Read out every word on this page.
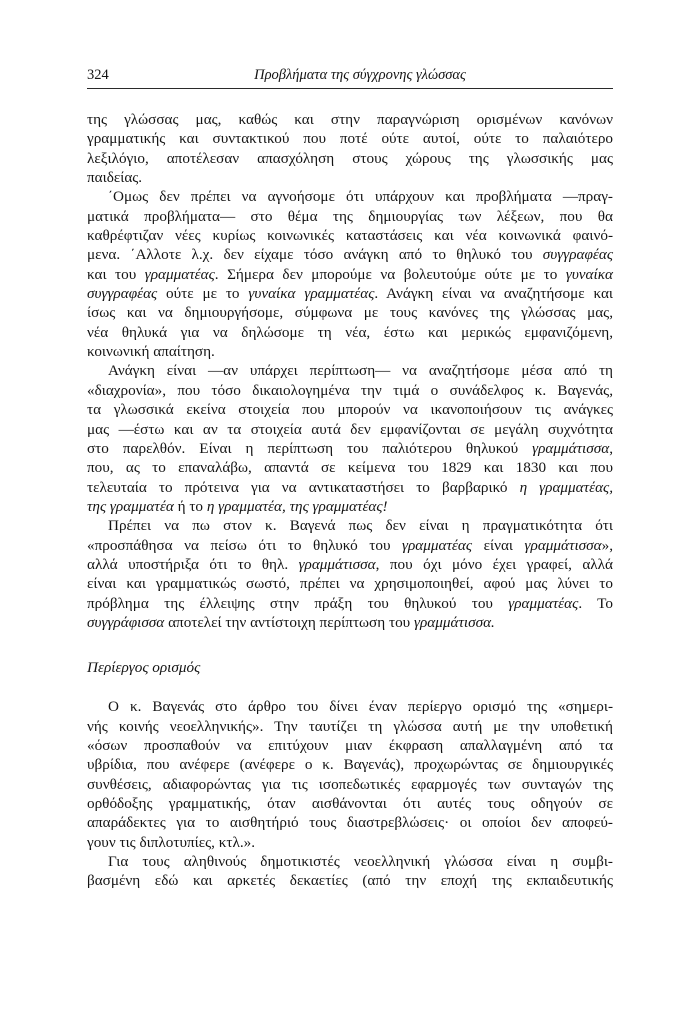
324	Προβλήματα της σύγχρονης γλώσσας
της γλώσσας μας, καθώς και στην παραγνώριση ορισμένων κανόνων
γραμματικής και συντακτικού που ποτέ ούτε αυτοί, ούτε το παλαιότερο
λεξιλόγιο, αποτέλεσαν απασχόληση στους χώρους της γλωσσικής μας
παιδείας.
΄Ομως δεν πρέπει να αγνοήσομε ότι υπάρχουν και προβλήματα —πραγ-
ματικά προβλήματα— στο θέμα της δημιουργίας των λέξεων, που θα
καθρέφτιζαν νέες κυρίως κοινωνικές καταστάσεις και νέα κοινωνικά φαινό-
μενα. ΄Αλλοτε λ.χ. δεν είχαμε τόσο ανάγκη από το θηλυκό του συγγραφέας
και του γραμματέας. Σήμερα δεν μπορούμε να βολευτούμε ούτε με το γυναίκα
συγγραφέας ούτε με το γυναίκα γραμματέας. Ανάγκη είναι να αναζητήσομε και
ίσως και να δημιουργήσομε, σύμφωνα με τους κανόνες της γλώσσας μας,
νέα θηλυκά για να δηλώσομε τη νέα, έστω και μερικώς εμφανιζόμενη,
κοινωνική απαίτηση.
Ανάγκη είναι —αν υπάρχει περίπτωση— να αναζητήσομε μέσα από τη
«διαχρονία», που τόσο δικαιολογημένα την τιμά ο συνάδελφος κ. Βαγενάς,
τα γλωσσικά εκείνα στοιχεία που μπορούν να ικανοποιήσουν τις ανάγκες
μας —έστω και αν τα στοιχεία αυτά δεν εμφανίζονται σε μεγάλη συχνότητα
στο παρελθόν. Είναι η περίπτωση του παλιότερου θηλυκού γραμμάτισσα,
που, ας το επαναλάβω, απαντά σε κείμενα του 1829 και 1830 και που
τελευταία το πρότεινα για να αντικαταστήσει το βαρβαρικό η γραμματέας,
της γραμματέα ή το η γραμματέα, της γραμματέας!
Πρέπει να πω στον κ. Βαγενά πως δεν είναι η πραγματικότητα ότι
«προσπάθησα να πείσω ότι το θηλυκό του γραμματέας είναι γραμμάτισσα»,
αλλά υποστήριξα ότι το θηλ. γραμμάτισσα, που όχι μόνο έχει γραφεί, αλλά
είναι και γραμματικώς σωστό, πρέπει να χρησιμοποιηθεί, αφού μας λύνει το
πρόβλημα της έλλειψης στην πράξη του θηλυκού του γραμματέας. Το
συγγράφισσα αποτελεί την αντίστοιχη περίπτωση του γραμμάτισσα.
Περίεργος ορισμός
Ο κ. Βαγενάς στο άρθρο του δίνει έναν περίεργο ορισμό της «σημερι-
νής κοινής νεοελληνικής». Την ταυτίζει τη γλώσσα αυτή με την υποθετική
«όσων προσπαθούν να επιτύχουν μιαν έκφραση απαλλαγμένη από τα
υβρίδια, που ανέφερε (ανέφερε ο κ. Βαγενάς), προχωρώντας σε δημιουργικές
συνθέσεις, αδιαφορώντας για τις ισοπεδωτικές εφαρμογές των συνταγών της
ορθόδοξης γραμματικής, όταν αισθάνονται ότι αυτές τους οδηγούν σε
απαράδεκτες για το αισθητήριό τους διαστρεβλώσεις· οι οποίοι δεν αποφεύ-
γουν τις διπλοτυπίες, κτλ.».
Για τους αληθινούς δημοτικιστές νεοελληνική γλώσσα είναι η συμβι-
βασμένη εδώ και αρκετές δεκαετίες (από την εποχή της εκπαιδευτικής
